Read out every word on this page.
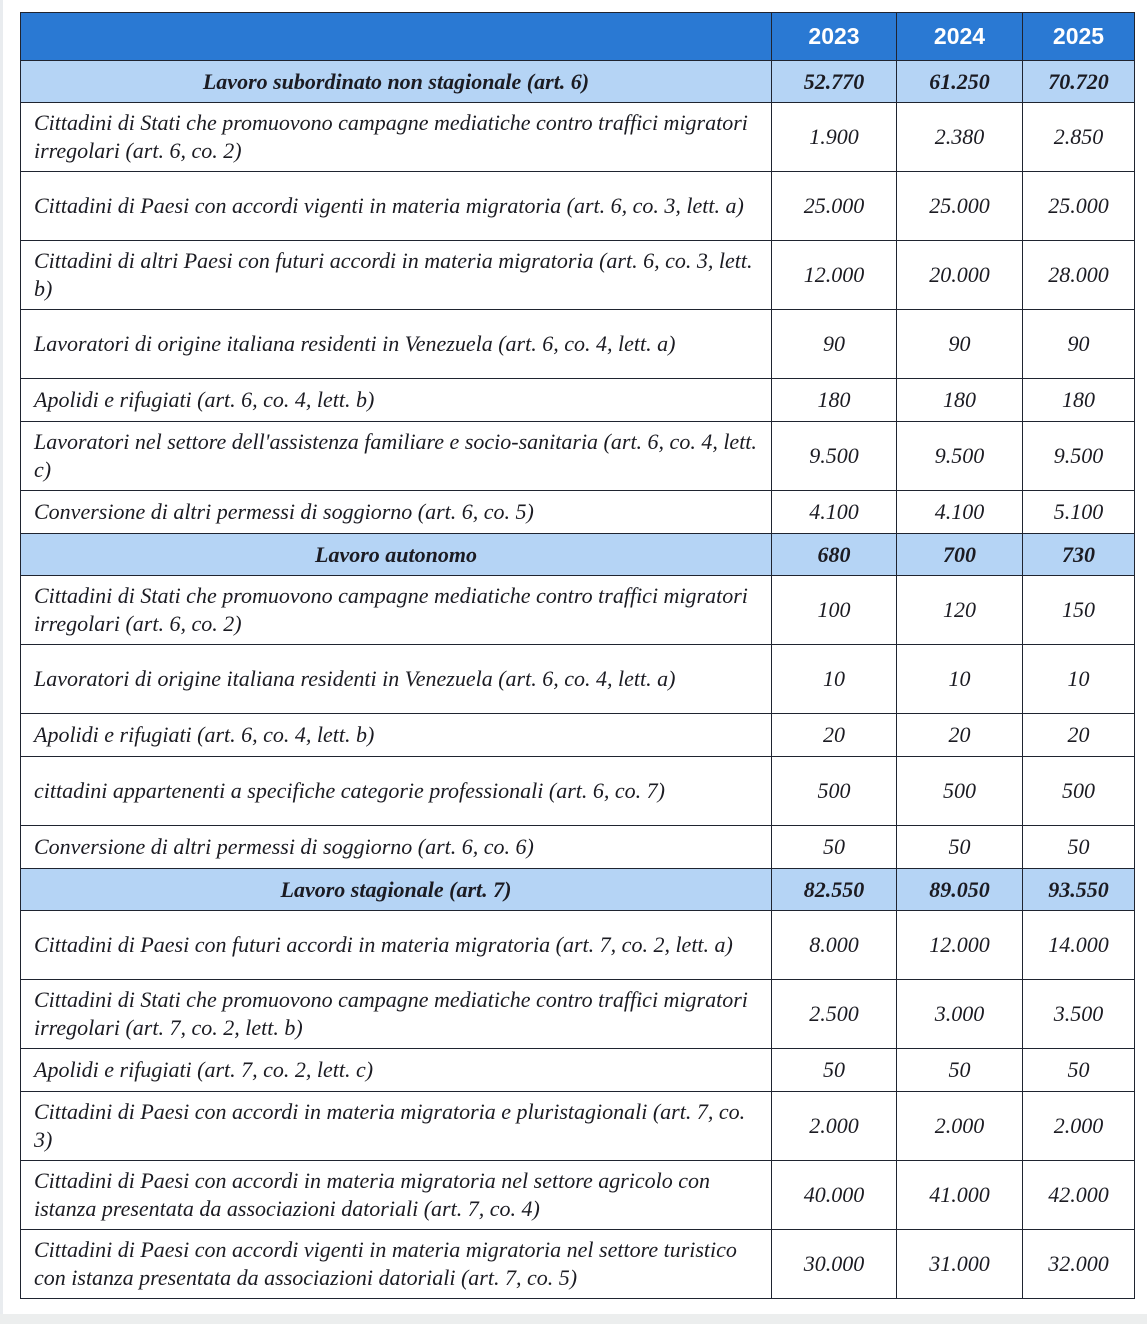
	2023	2024	2025
Lavoro subordinato non stagionale (art. 6)	52.770	61.250	70.720
Cittadini di Stati che promuovono campagne mediatiche contro traffici migratori irregolari (art. 6, co. 2)	1.900	2.380	2.850
Cittadini di Paesi con accordi vigenti in materia migratoria (art. 6, co. 3, lett. a)	25.000	25.000	25.000
Cittadini di altri Paesi con futuri accordi in materia migratoria (art. 6, co. 3, lett. b)	12.000	20.000	28.000
Lavoratori di origine italiana residenti in Venezuela (art. 6, co. 4, lett. a)	90	90	90
Apolidi e rifugiati (art. 6, co. 4, lett. b)	180	180	180
Lavoratori nel settore dell'assistenza familiare e socio-sanitaria (art. 6, co. 4, lett. c)	9.500	9.500	9.500
Conversione di altri permessi di soggiorno (art. 6, co. 5)	4.100	4.100	5.100
Lavoro autonomo	680	700	730
Cittadini di Stati che promuovono campagne mediatiche contro traffici migratori irregolari (art. 6, co. 2)	100	120	150
Lavoratori di origine italiana residenti in Venezuela (art. 6, co. 4, lett. a)	10	10	10
Apolidi e rifugiati (art. 6, co. 4, lett. b)	20	20	20
cittadini appartenenti a specifiche categorie professionali (art. 6, co. 7)	500	500	500
Conversione di altri permessi di soggiorno (art. 6, co. 6)	50	50	50
Lavoro stagionale (art. 7)	82.550	89.050	93.550
Cittadini di Paesi con futuri accordi in materia migratoria (art. 7, co. 2, lett. a)	8.000	12.000	14.000
Cittadini di Stati che promuovono campagne mediatiche contro traffici migratori irregolari (art. 7, co. 2, lett. b)	2.500	3.000	3.500
Apolidi e rifugiati (art. 7, co. 2, lett. c)	50	50	50
Cittadini di Paesi con accordi in materia migratoria e pluristagionali (art. 7, co. 3)	2.000	2.000	2.000
Cittadini di Paesi con accordi in materia migratoria nel settore agricolo con istanza presentata da associazioni datoriali (art. 7, co. 4)	40.000	41.000	42.000
Cittadini di Paesi con accordi vigenti in materia migratoria nel settore turistico con istanza presentata da associazioni datoriali (art. 7, co. 5)	30.000	31.000	32.000
